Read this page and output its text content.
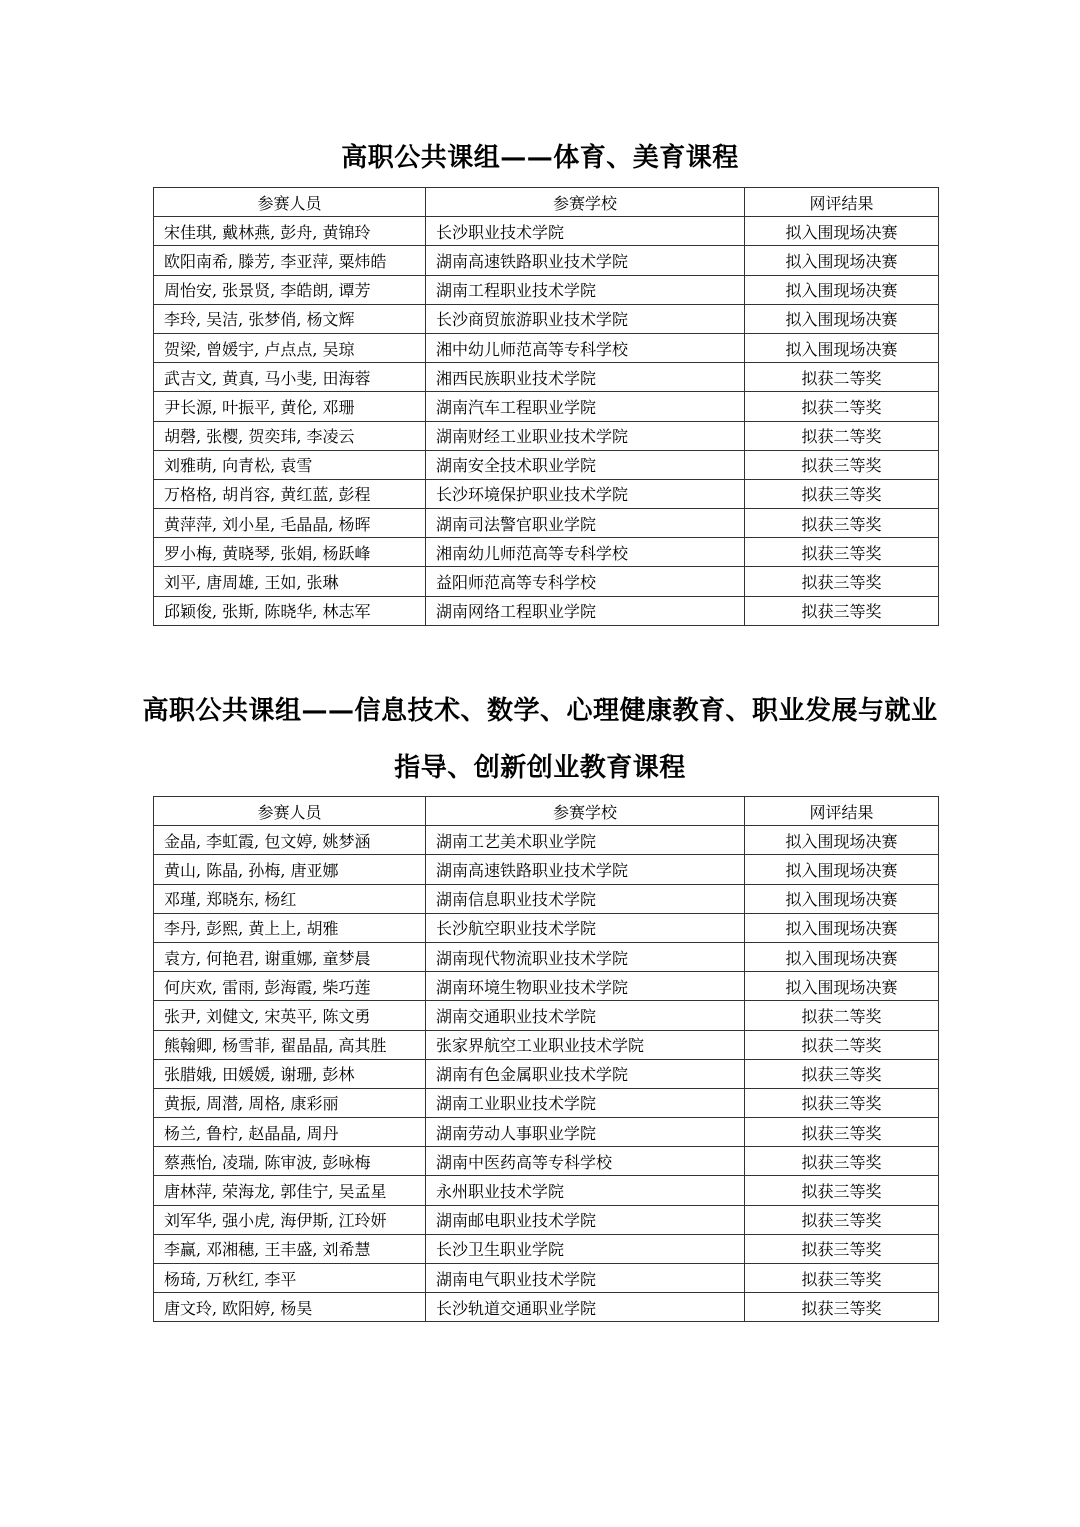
高职公共课组——体育、美育课程
参赛人员	参赛学校	网评结果
宋佳琪, 戴林燕, 彭舟, 黄锦玲	长沙职业技术学院	拟入围现场决赛
欧阳南希, 滕芳, 李亚萍, 粟炜皓	湖南高速铁路职业技术学院	拟入围现场决赛
周怡安, 张景贤, 李皓朗, 谭芳	湖南工程职业技术学院	拟入围现场决赛
李玲, 吴洁, 张梦俏, 杨文辉	长沙商贸旅游职业技术学院	拟入围现场决赛
贺梁, 曾媛宇, 卢点点, 吴琼	湘中幼儿师范高等专科学校	拟入围现场决赛
武吉文, 黄真, 马小斐, 田海蓉	湘西民族职业技术学院	拟获二等奖
尹长源, 叶振平, 黄伦, 邓珊	湖南汽车工程职业学院	拟获二等奖
胡磬, 张樱, 贺奕玮, 李凌云	湖南财经工业职业技术学院	拟获二等奖
刘雅萌, 向青松, 袁雪	湖南安全技术职业学院	拟获三等奖
万格格, 胡肖容, 黄红蓝, 彭程	长沙环境保护职业技术学院	拟获三等奖
黄萍萍, 刘小星, 毛晶晶, 杨晖	湖南司法警官职业学院	拟获三等奖
罗小梅, 黄晓琴, 张娟, 杨跃峰	湘南幼儿师范高等专科学校	拟获三等奖
刘平, 唐周雄, 王如, 张琳	益阳师范高等专科学校	拟获三等奖
邱颖俊, 张斯, 陈晓华, 林志军	湖南网络工程职业学院	拟获三等奖
高职公共课组——信息技术、数学、心理健康教育、职业发展与就业
指导、创新创业教育课程
参赛人员	参赛学校	网评结果
金晶, 李虹霞, 包文婷, 姚梦涵	湖南工艺美术职业学院	拟入围现场决赛
黄山, 陈晶, 孙梅, 唐亚娜	湖南高速铁路职业技术学院	拟入围现场决赛
邓瑾, 郑晓东, 杨红	湖南信息职业技术学院	拟入围现场决赛
李丹, 彭熙, 黄上上, 胡雅	长沙航空职业技术学院	拟入围现场决赛
袁方, 何艳君, 谢重娜, 童梦晨	湖南现代物流职业技术学院	拟入围现场决赛
何庆欢, 雷雨, 彭海霞, 柴巧莲	湖南环境生物职业技术学院	拟入围现场决赛
张尹, 刘健文, 宋英平, 陈文勇	湖南交通职业技术学院	拟获二等奖
熊翰卿, 杨雪菲, 翟晶晶, 高其胜	张家界航空工业职业技术学院	拟获二等奖
张腊娥, 田媛媛, 谢珊, 彭林	湖南有色金属职业技术学院	拟获三等奖
黄振, 周潜, 周格, 康彩丽	湖南工业职业技术学院	拟获三等奖
杨兰, 鲁柠, 赵晶晶, 周丹	湖南劳动人事职业学院	拟获三等奖
蔡燕怡, 凌瑞, 陈审波, 彭咏梅	湖南中医药高等专科学校	拟获三等奖
唐林萍, 荣海龙, 郭佳宁, 吴孟星	永州职业技术学院	拟获三等奖
刘军华, 强小虎, 海伊斯, 江玲妍	湖南邮电职业技术学院	拟获三等奖
李赢, 邓湘穗, 王丰盛, 刘希慧	长沙卫生职业学院	拟获三等奖
杨琦, 万秋红, 李平	湖南电气职业技术学院	拟获三等奖
唐文玲, 欧阳婷, 杨昊	长沙轨道交通职业学院	拟获三等奖
